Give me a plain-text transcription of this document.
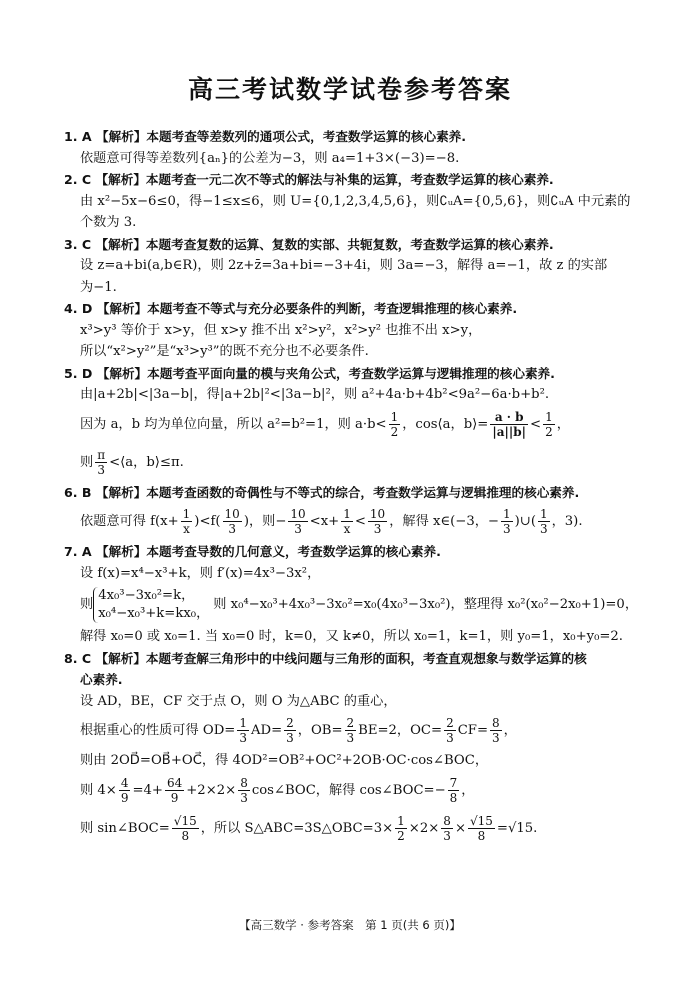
高三考试数学试卷参考答案
1. A 【解析】本题考查等差数列的通项公式，考查数学运算的核心素养.
依题意可得等差数列{aₙ}的公差为−3，则 a₄=1+3×(−3)=−8.
2. C 【解析】本题考查一元二次不等式的解法与补集的运算，考查数学运算的核心素养.
由 x²−5x−6≤0，得−1≤x≤6，则 U={0,1,2,3,4,5,6}，则∁ᵤA={0,5,6}，则∁ᵤA 中元素的
个数为 3.
3. C 【解析】本题考查复数的运算、复数的实部、共轭复数，考查数学运算的核心素养.
设 z=a+bi(a,b∈R)，则 2z+z̄=3a+bi=−3+4i，则 3a=−3，解得 a=−1，故 z 的实部
为−1.
4. D 【解析】本题考查不等式与充分必要条件的判断，考查逻辑推理的核心素养.
x³>y³ 等价于 x>y，但 x>y 推不出 x²>y²，x²>y² 也推不出 x>y，
所以“x²>y²”是“x³>y³”的既不充分也不必要条件.
5. D 【解析】本题考查平面向量的模与夹角公式，考查数学运算与逻辑推理的核心素养.
由|a+2b|<|3a−b|，得|a+2b|²<|3a−b|²，则 a²+4a·b+4b²<9a²−6a·b+b².
因为 a，b 均为单位向量，所以 a²=b²=1，则 $a\cdot b< \frac{1}{2}$ ，cos⟨a，b⟩= $\frac{a \cdot b}{|a||b|} < \frac{1}{2}$ ，
则 $\frac{\pi}{3}$ <⟨a，b⟩≤π.
6. B 【解析】本题考查函数的奇偶性与不等式的综合，考查数学运算与逻辑推理的核心素养.
依题意可得 $f(x+ \frac{1}{x} )<f( \frac{10}{3}$ )，则− $\frac{10}{3} <x+ \frac{1}{x} < \frac{10}{3}$ ，解得 x∈(−3，− $\frac{1}{3}$ )∪( $\frac{1}{3}$ ，3).
7. A 【解析】本题考查导数的几何意义，考查数学运算的核心素养.
设 f(x)=x⁴−x³+k，则 f′(x)=4x³−3x²，
则
4x₀³−3x₀²=k，
x₀⁴−x₀³+k=kx₀，
则 x₀⁴−x₀³+4x₀³−3x₀²=x₀(4x₀³−3x₀²)，整理得 x₀²(x₀²−2x₀+1)=0，
解得 x₀=0 或 x₀=1. 当 x₀=0 时，k=0，又 k≠0，所以 x₀=1，k=1，则 y₀=1，x₀+y₀=2.
8. C 【解析】本题考查解三角形中的中线问题与三角形的面积，考查直观想象与数学运算的核
心素养.
设 AD，BE，CF 交于点 O，则 O 为△ABC 的重心，
根据重心的性质可得 $OD= \frac{1}{3} AD= \frac{2}{3}$ ，$OB= \frac{2}{3} BE=2$，$OC= \frac{2}{3} CF= \frac{8}{3}$ ，
则由 2OD⃗=OB⃗+OC⃗，得 4OD²=OB²+OC²+2OB·OC·cos∠BOC，
则 $4\times \frac{4}{9} =4+ \frac{64}{9} +2\times 2\times \frac{8}{3}$ cos∠BOC，解得 cos∠BOC=− $\frac{7}{8}$ ，
则 sin∠BOC= $\frac{√15}{8}$ ，所以 S△ABC=3S△OBC=3× $\frac{1}{2} \times 2\times \frac{8}{3} \times \frac{√15}{8} =√15$.
【高三数学 · 参考答案　第 1 页(共 6 页)】
